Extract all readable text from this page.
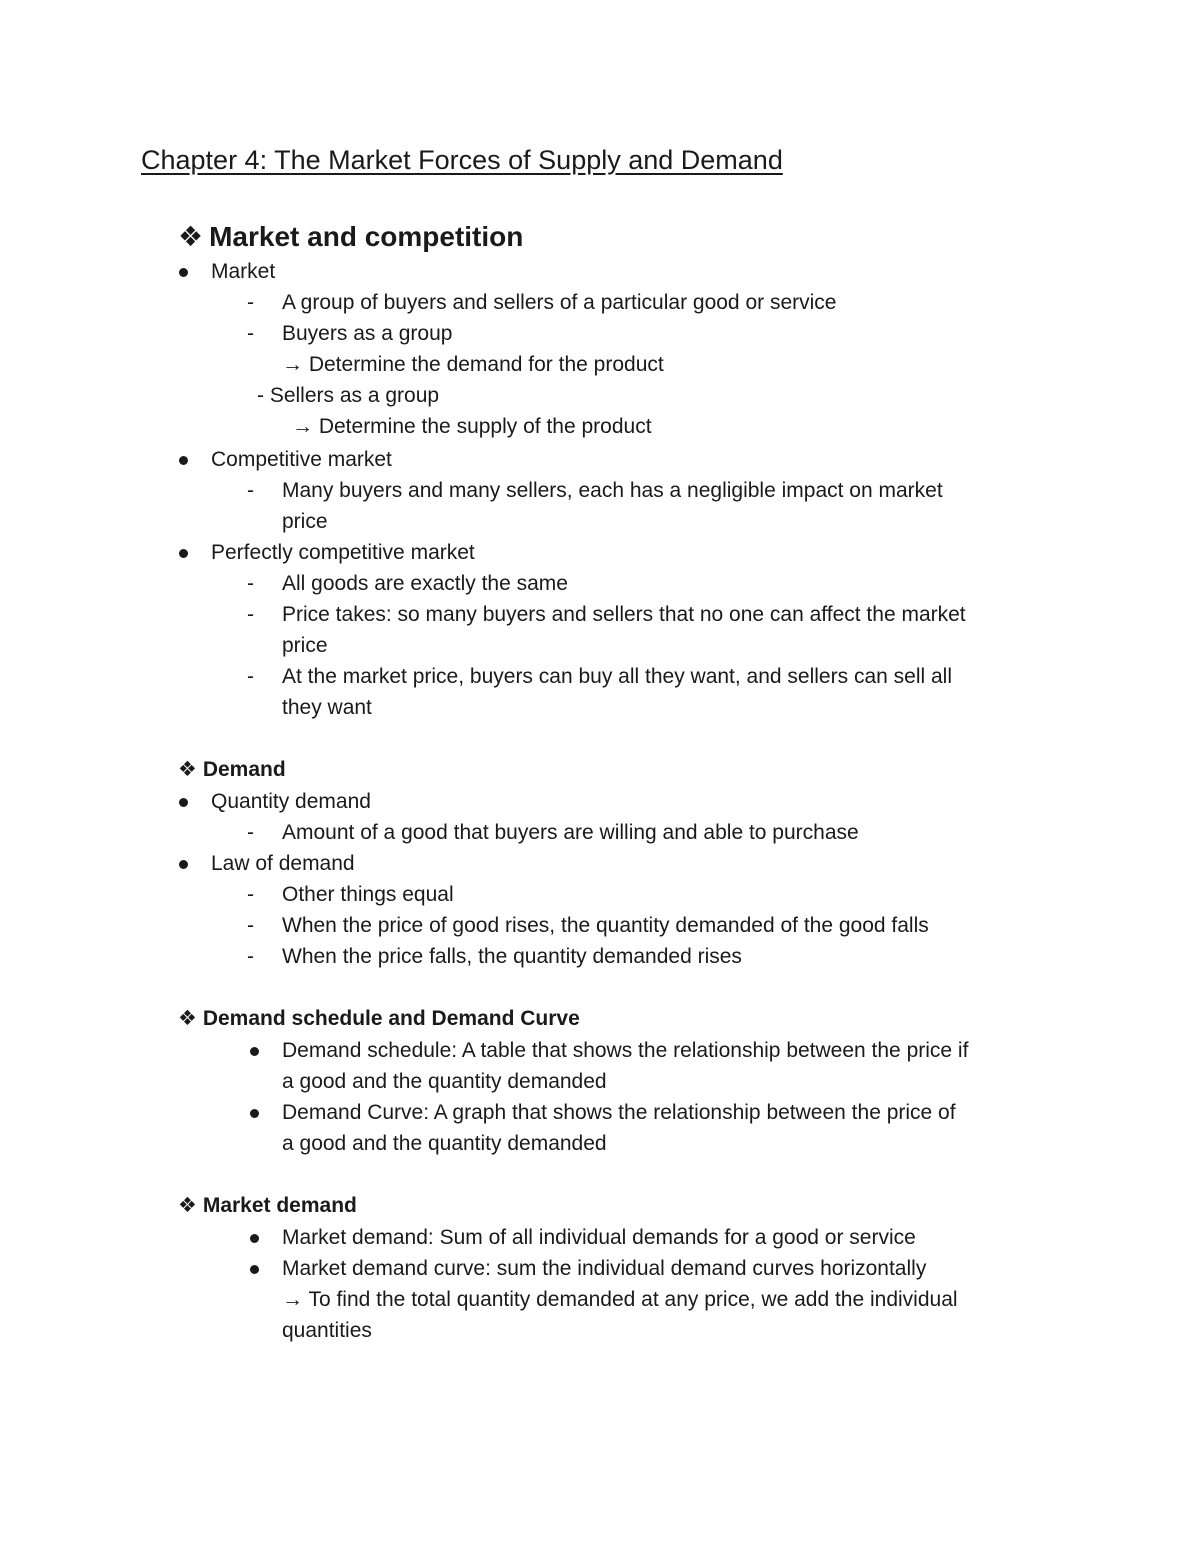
Chapter 4: The Market Forces of Supply and Demand
❖ Market and competition
Market
- A group of buyers and sellers of a particular good or service
- Buyers as a group
→ Determine the demand for the product
- Sellers as a group
→ Determine the supply of the product
Competitive market
- Many buyers and many sellers, each has a negligible impact on market
price
Perfectly competitive market
- All goods are exactly the same
- Price takes: so many buyers and sellers that no one can affect the market
price
- At the market price, buyers can buy all they want, and sellers can sell all
they want
❖ Demand
Quantity demand
- Amount of a good that buyers are willing and able to purchase
Law of demand
- Other things equal
- When the price of good rises, the quantity demanded of the good falls
- When the price falls, the quantity demanded rises
❖ Demand schedule and Demand Curve
Demand schedule: A table that shows the relationship between the price if
a good and the quantity demanded
Demand Curve: A graph that shows the relationship between the price of
a good and the quantity demanded
❖ Market demand
Market demand: Sum of all individual demands for a good or service
Market demand curve: sum the individual demand curves horizontally
→ To find the total quantity demanded at any price, we add the individual
quantities
